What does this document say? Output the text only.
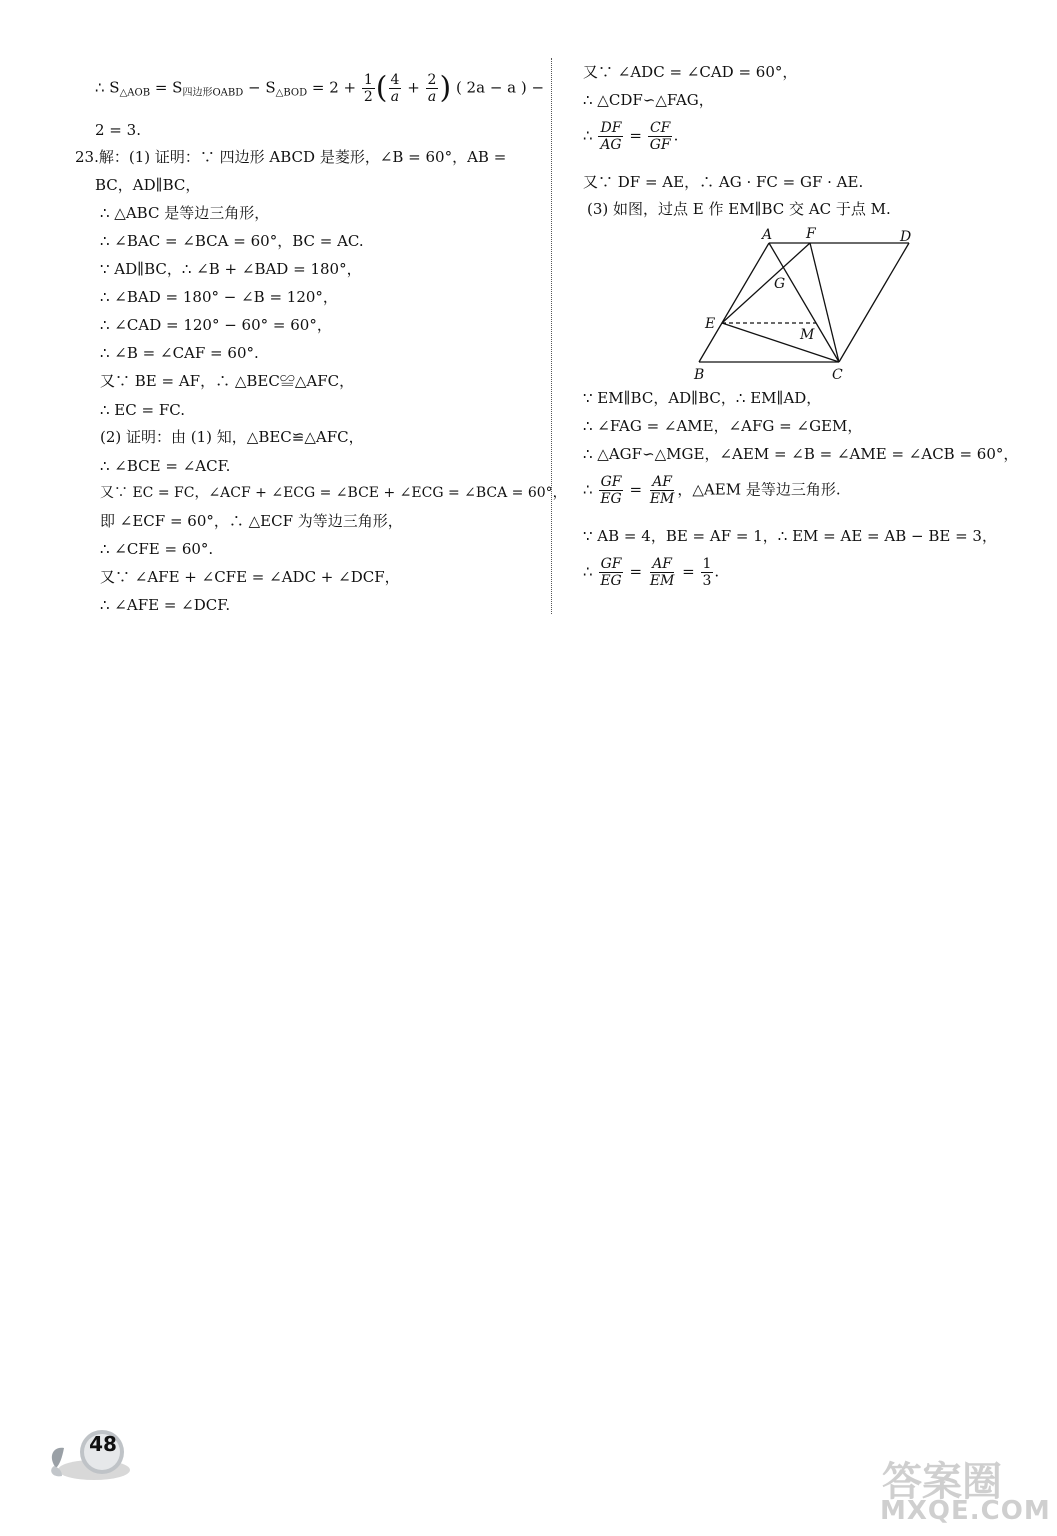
∴ $S_{\triangle AOB} = S_{四边形OABD} - S_{\triangle BOD} = 2 + \frac{1}{2}$ ( $\frac{4}{a} + \frac{2}{a}$ ) ( 2a − a ) −
2 = 3.
23.解：(1) 证明：∵ 四边形 ABCD 是菱形，∠B = 60°，AB =
BC，AD∥BC，
∴ △ABC 是等边三角形，
∴ ∠BAC = ∠BCA = 60°，BC = AC.
∵ AD∥BC，∴ ∠B + ∠BAD = 180°，
∴ ∠BAD = 180° − ∠B = 120°，
∴ ∠CAD = 120° − 60° = 60°，
∴ ∠B = ∠CAF = 60°.
又∵ BE = AF，∴ △BEC≌△AFC，
∴ EC = FC.
(2) 证明：由 (1) 知，△BEC≌△AFC，
∴ ∠BCE = ∠ACF.
又∵ EC = FC，∠ACF + ∠ECG = ∠BCE + ∠ECG = ∠BCA = 60°，
即 ∠ECF = 60°，∴ △ECF 为等边三角形，
∴ ∠CFE = 60°.
又∵ ∠AFE + ∠CFE = ∠ADC + ∠DCF，
∴ ∠AFE = ∠DCF.
又∵ ∠ADC = ∠CAD = 60°，
∴ △CDF∽△FAG，
∴ $\frac{DF}{AG} = \frac{CF}{GF}$ .
又∵ DF = AE，∴ AG · FC = GF · AE.
(3) 如图，过点 E 作 EM∥BC 交 AC 于点 M.
A F	D
G
E
M
B	C
∵ EM∥BC，AD∥BC，∴ EM∥AD，
∴ ∠FAG = ∠AME，∠AFG = ∠GEM，
∴ △AGF∽△MGE，∠AEM = ∠B = ∠AME = ∠ACB = 60°，
∴ $\frac{GF}{EG} = \frac{AF}{EM}$ ，△AEM 是等边三角形.
∵ AB = 4，BE = AF = 1，∴ EM = AE = AB − BE = 3，
∴ $\frac{GF}{EG} = \frac{AF}{EM} = \frac{1}{3}$ .
48
答案圈
MXQE.COM
